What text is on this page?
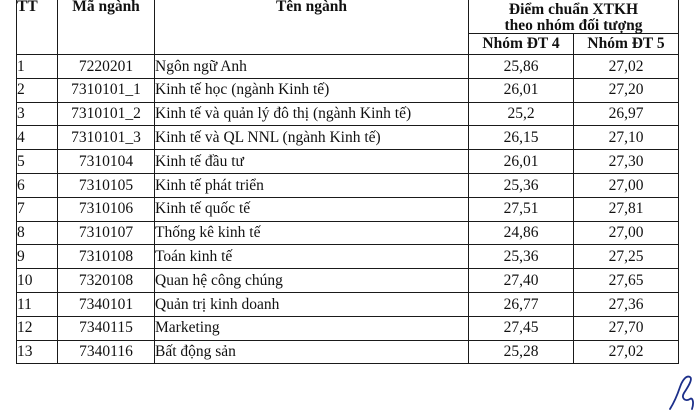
TT	Mã ngành	Tên ngành	Điểm chuẩn XTKH
theo nhóm đối tượng	
			Nhóm ĐT 4	Nhóm ĐT 5
1	7220201	Ngôn ngữ Anh	25,86	27,02
2	7310101_1	Kinh tế học (ngành Kinh tế)	26,01	27,20
3	7310101_2	Kinh tế và quản lý đô thị (ngành Kinh tế)	25,2	26,97
4	7310101_3	Kinh tế và QL NNL (ngành Kinh tế)	26,15	27,10
5	7310104	Kinh tế đầu tư	26,01	27,30
6	7310105	Kinh tế phát triển	25,36	27,00
7	7310106	Kinh tế quốc tế	27,51	27,81
8	7310107	Thống kê kinh tế	24,86	27,00
9	7310108	Toán kinh tế	25,36	27,25
10	7320108	Quan hệ công chúng	27,40	27,65
11	7340101	Quản trị kinh doanh	26,77	27,36
12	7340115	Marketing	27,45	27,70
13	7340116	Bất động sản	25,28	27,02
